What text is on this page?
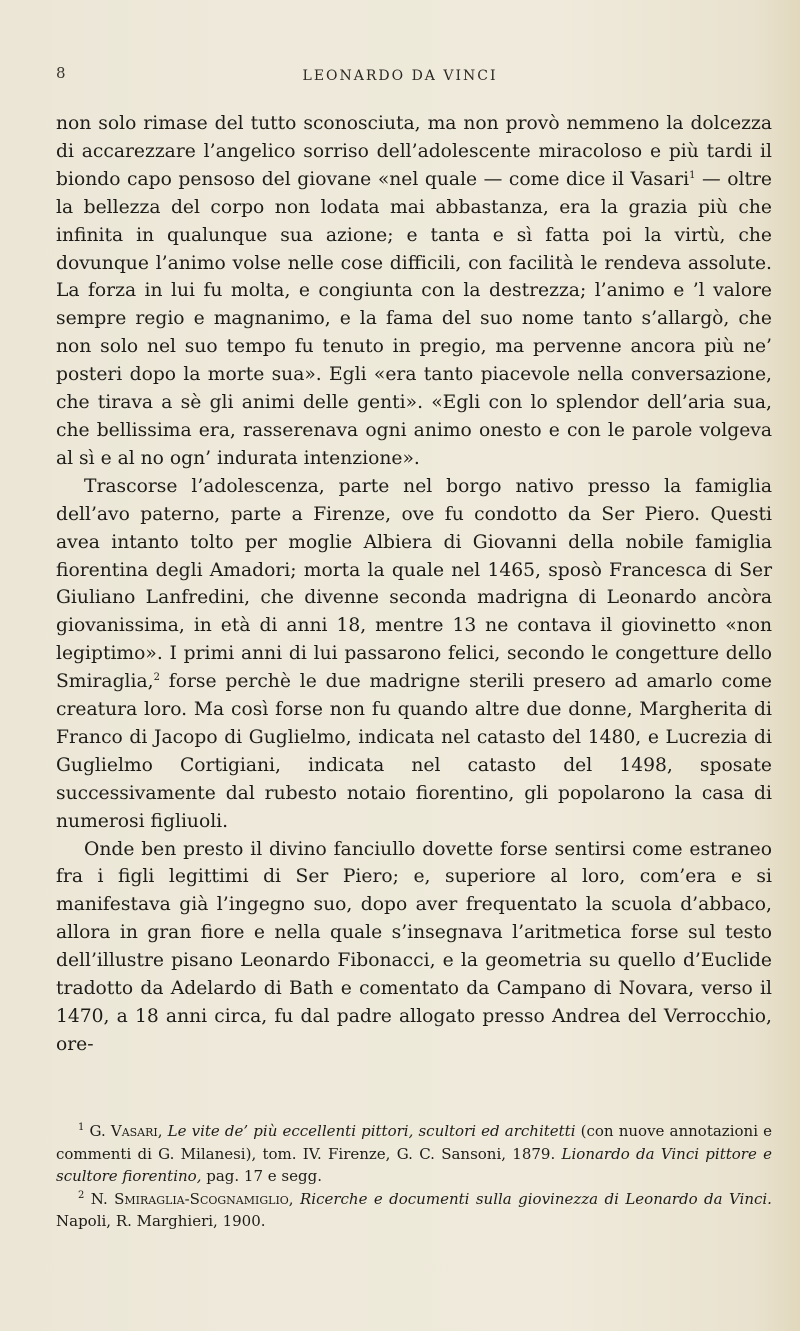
8	LEONARDO DA VINCI

non solo rimase del tutto sconosciuta, ma non provò nemmeno la dolcezza di accarezzare l’angelico sorriso dell’adolescente miracoloso e più tardi il biondo capo pensoso del giovane «nel quale — come dice il Vasari$^1$ — oltre la bellezza del corpo non lodata mai abbastanza, era la grazia più che infinita in qualunque sua azione; e tanta e sì fatta poi la virtù, che dovunque l’animo volse nelle cose difficili, con facilità le rendeva assolute. La forza in lui fu molta, e congiunta con la destrezza; l’animo e ’l valore sempre regio e magnanimo, e la fama del suo nome tanto s’allargò, che non solo nel suo tempo fu tenuto in pregio, ma pervenne ancora più ne’ posteri dopo la morte sua». Egli «era tanto piacevole nella conversazione, che tirava a sè gli animi delle genti». «Egli con lo splendor dell’aria sua, che bellissima era, rasserenava ogni animo onesto e con le parole volgeva al sì e al no ogn’ indurata intenzione».

Trascorse l’adolescenza, parte nel borgo nativo presso la famiglia dell’avo paterno, parte a Firenze, ove fu condotto da Ser Piero. Questi avea intanto tolto per moglie Albiera di Giovanni della nobile famiglia fiorentina degli Amadori; morta la quale nel 1465, sposò Francesca di Ser Giuliano Lanfredini, che divenne seconda madrigna di Leonardo ancòra giovanissima, in età di anni 18, mentre 13 ne contava il giovinetto «non legiptimo». I primi anni di lui passarono felici, secondo le congetture dello Smiraglia,$^2$ forse perchè le due madrigne sterili presero ad amarlo come creatura loro. Ma così forse non fu quando altre due donne, Margherita di Franco di Jacopo di Guglielmo, indicata nel catasto del 1480, e Lucrezia di Guglielmo Cortigiani, indicata nel catasto del 1498, sposate successivamente dal rubesto notaio fiorentino, gli popolarono la casa di numerosi figliuoli.

Onde ben presto il divino fanciullo dovette forse sentirsi come estraneo fra i figli legittimi di Ser Piero; e, superiore al loro, com’era e si manifestava già l’ingegno suo, dopo aver frequentato la scuola d’abbaco, allora in gran fiore e nella quale s’insegnava l’aritmetica forse sul testo dell’illustre pisano Leonardo Fibonacci, e la geometria su quello d’Euclide tradotto da Adelardo di Bath e comentato da Campano di Novara, verso il 1470, a 18 anni circa, fu dal padre allogato presso Andrea del Verrocchio, ore-

$^1$ G. Vasari, Le vite de’ più eccellenti pittori, scultori ed architetti (con nuove annotazioni e commenti di G. Milanesi), tom. IV. Firenze, G. C. Sansoni, 1879. Lionardo da Vinci pittore e scultore fiorentino, pag. 17 e segg.

$^2$ N. Smiraglia-Scognamiglio, Ricerche e documenti sulla giovinezza di Leonardo da Vinci. Napoli, R. Marghieri, 1900.
